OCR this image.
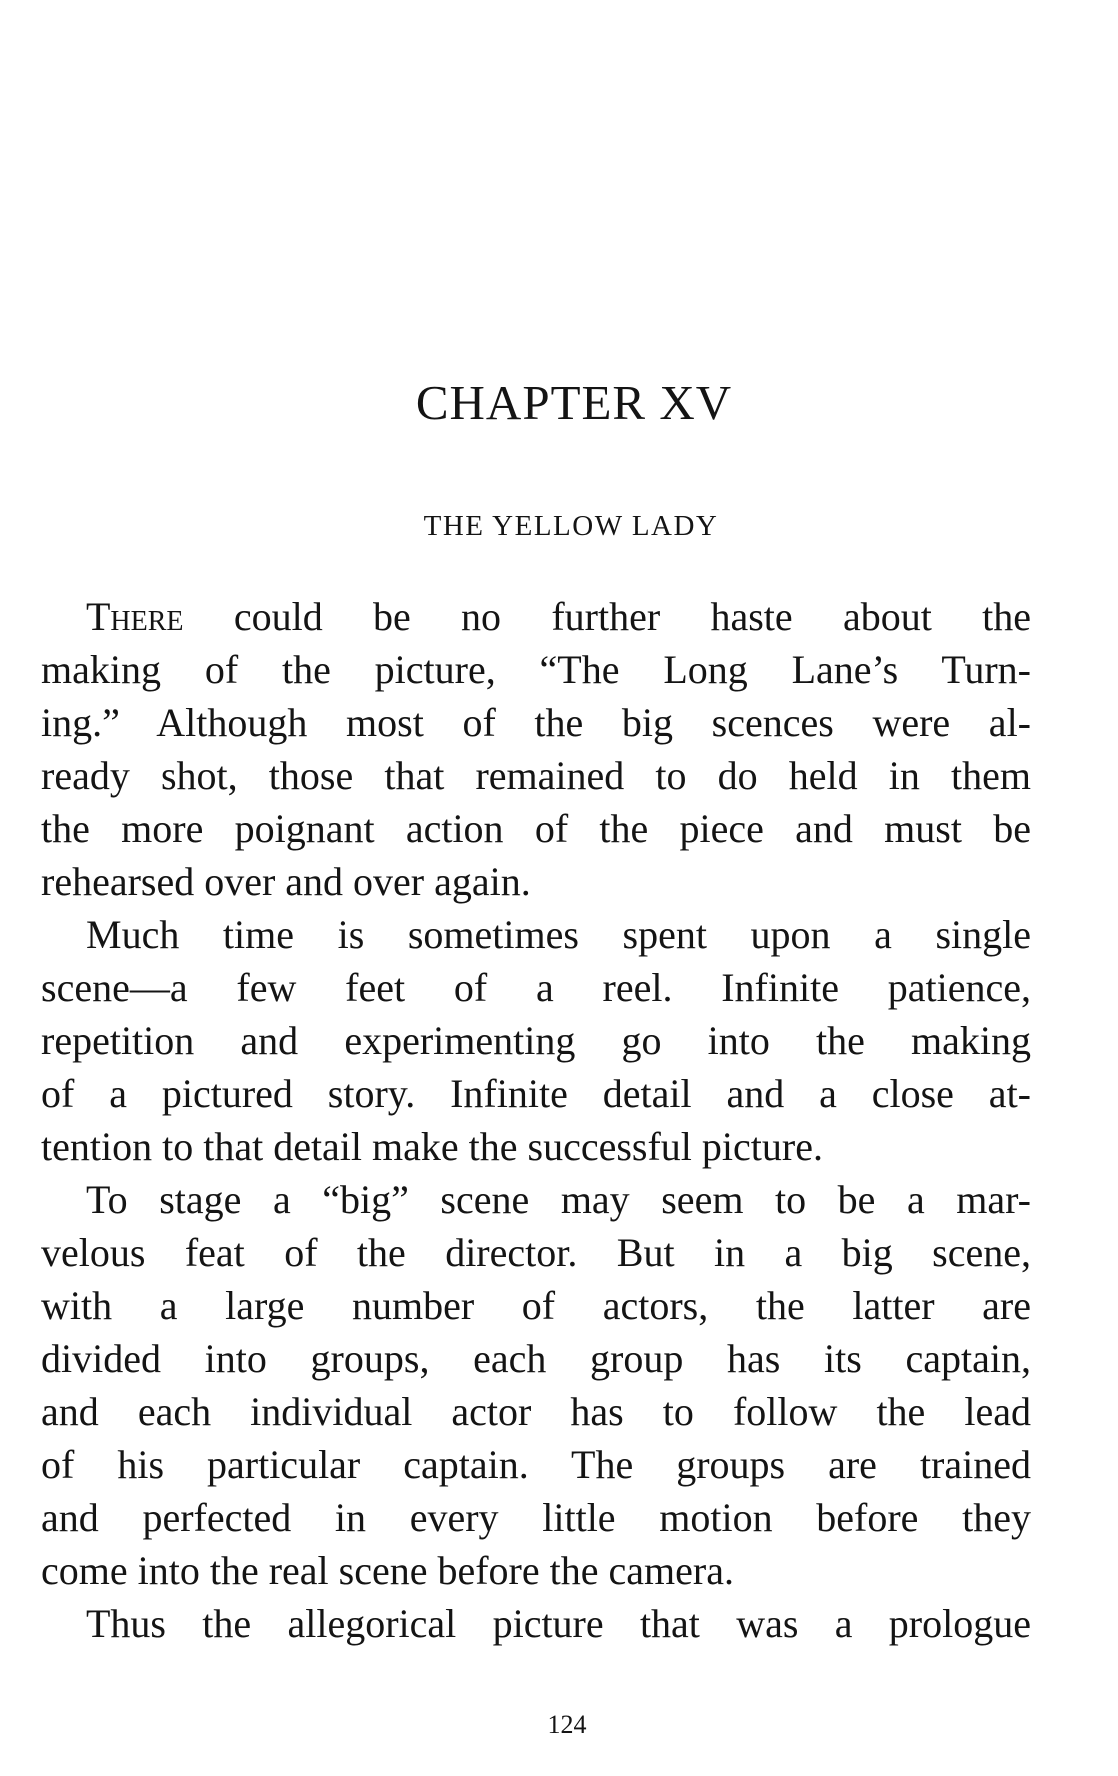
CHAPTER XV
THE YELLOW LADY
There could be no further haste about the
making of the picture, “The Long Lane’s Turn-
ing.” Although most of the big scences were al-
ready shot, those that remained to do held in them
the more poignant action of the piece and must be
rehearsed over and over again.
Much time is sometimes spent upon a single
scene—a few feet of a reel. Infinite patience,
repetition and experimenting go into the making
of a pictured story. Infinite detail and a close at-
tention to that detail make the successful picture.
To stage a “big” scene may seem to be a mar-
velous feat of the director. But in a big scene,
with a large number of actors, the latter are
divided into groups, each group has its captain,
and each individual actor has to follow the lead
of his particular captain. The groups are trained
and perfected in every little motion before they
come into the real scene before the camera.
Thus the allegorical picture that was a prologue
124
